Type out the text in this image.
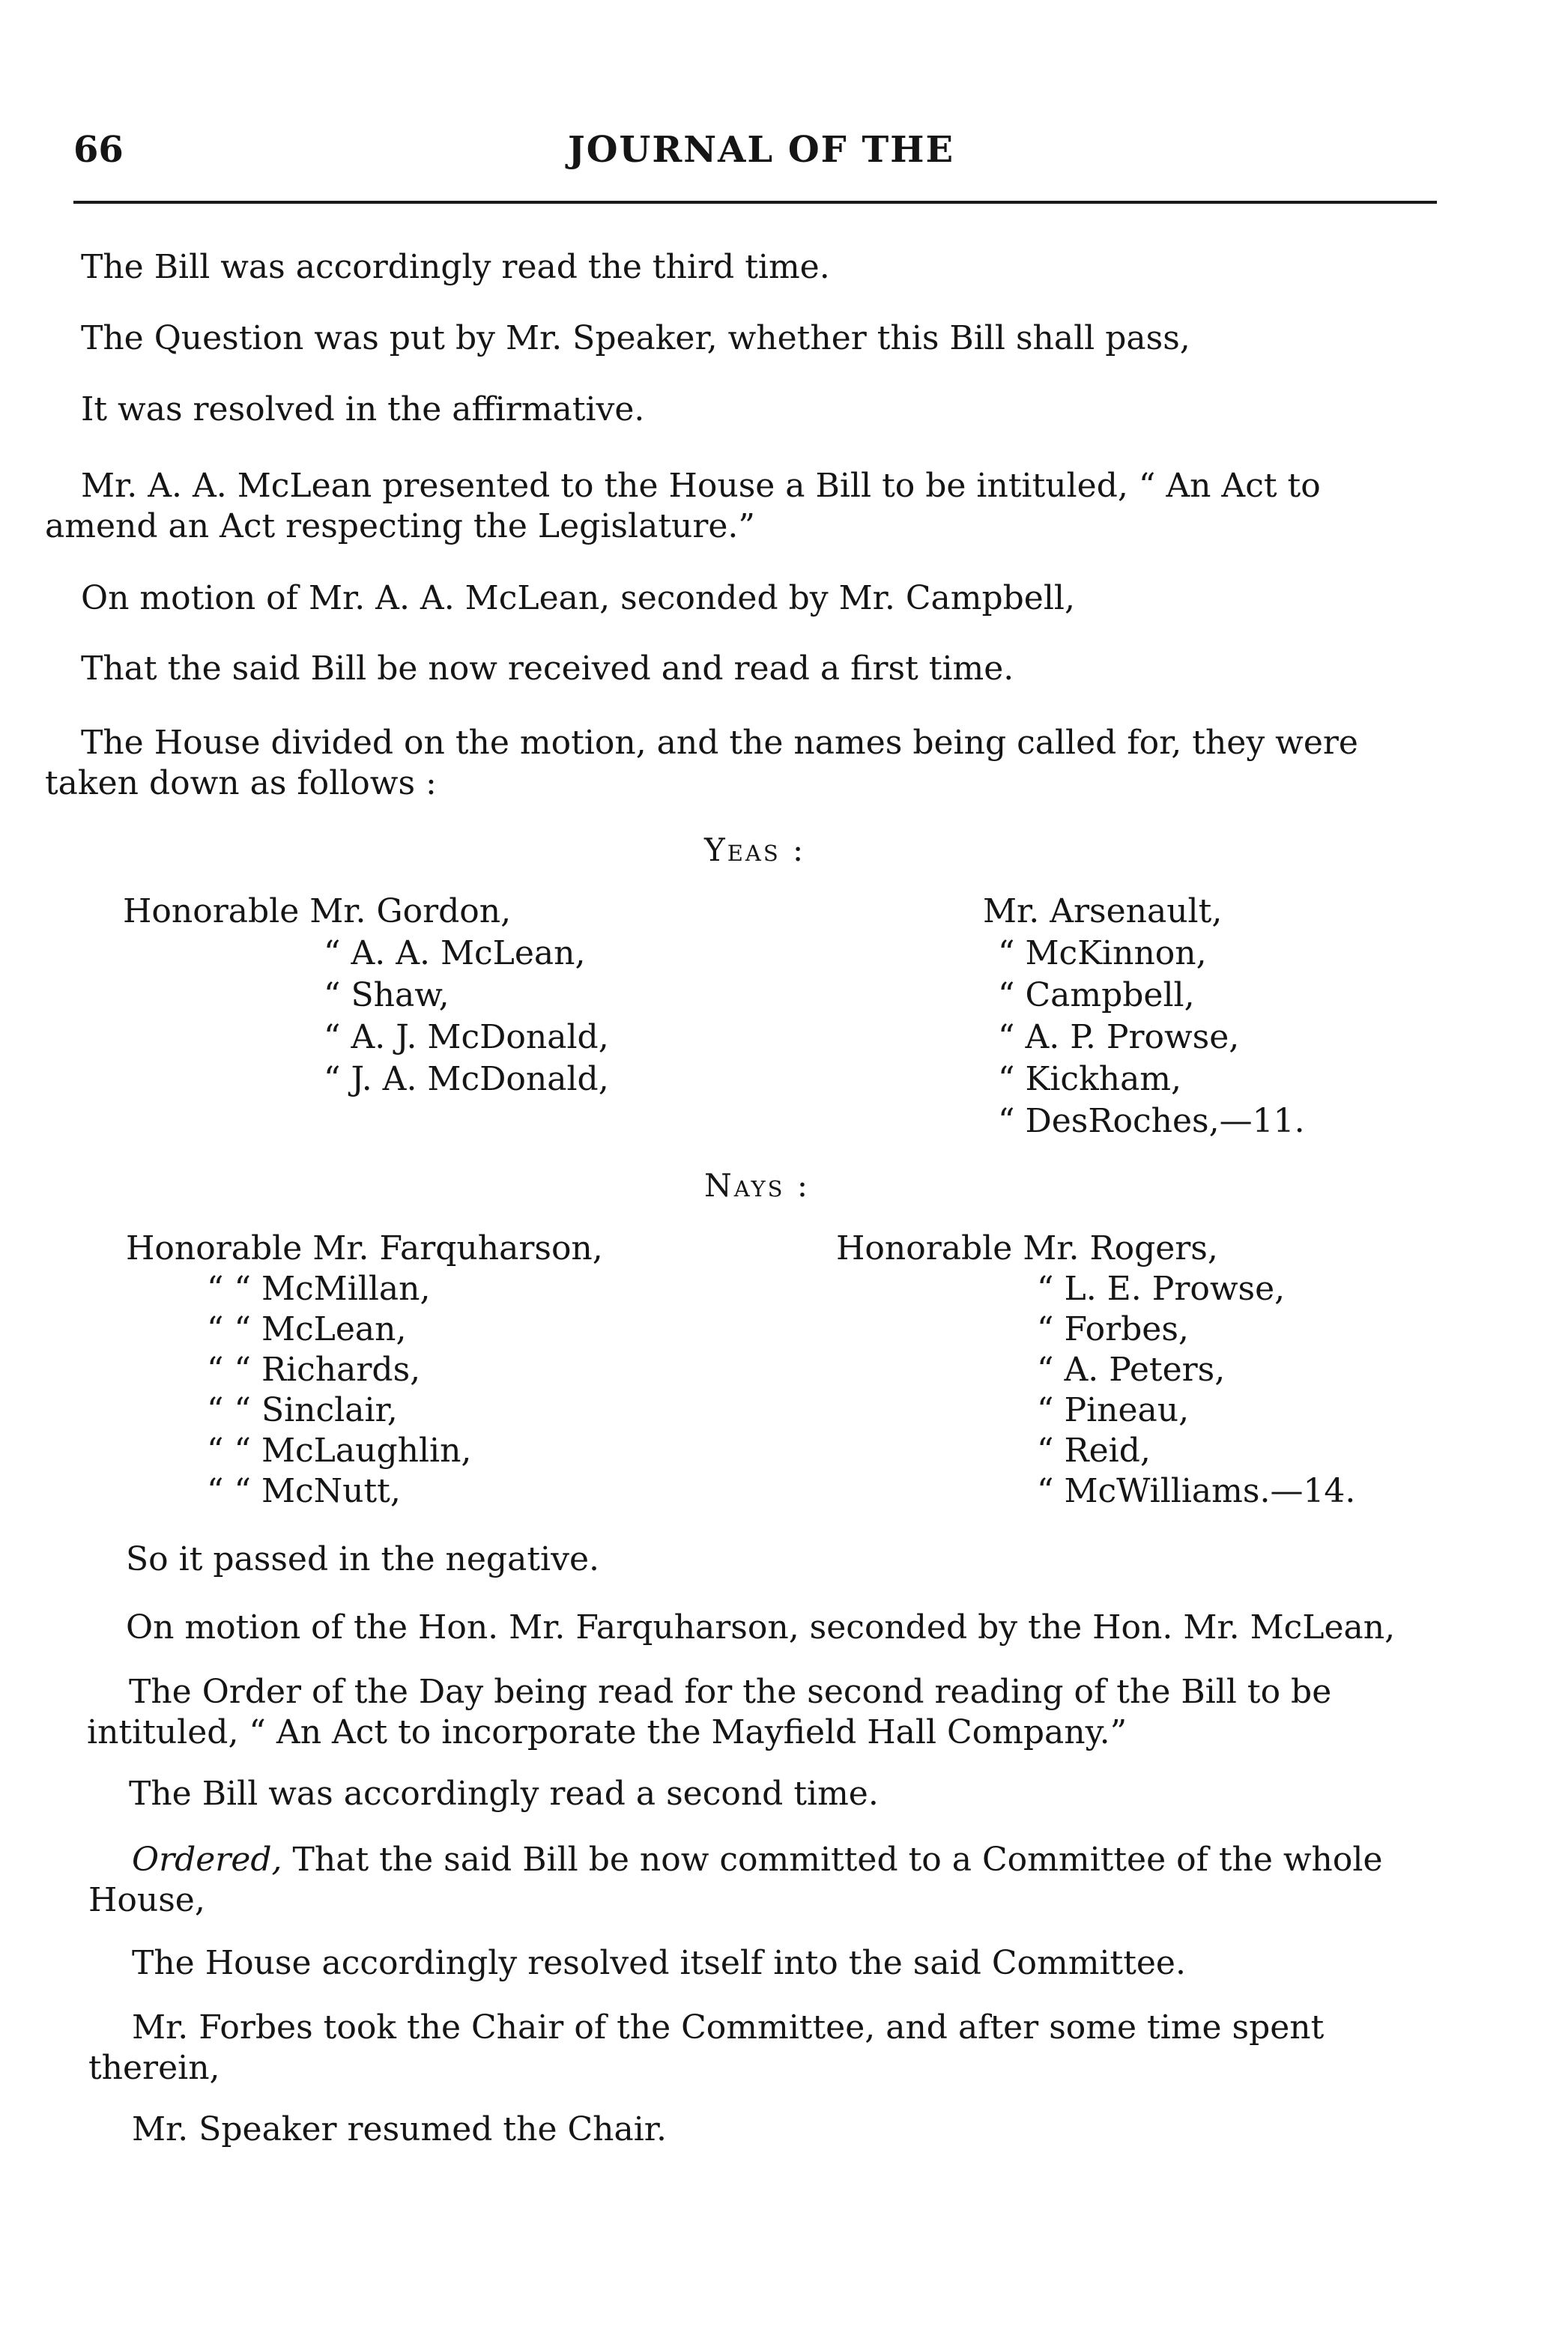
66	JOURNAL OF THE
The Bill was accordingly read the third time.
The Question was put by Mr. Speaker, whether this Bill shall pass,
It was resolved in the affirmative.
Mr. A. A. McLean presented to the House a Bill to be intituled, “ An Act to
amend an Act respecting the Legislature.”
On motion of Mr. A. A. McLean, seconded by Mr. Campbell,
That the said Bill be now received and read a first time.
The House divided on the motion, and the names being called for, they were
taken down as follows :
Yeas :
Honorable Mr. Gordon,
“ A. A. McLean,
“ Shaw,
“ A. J. McDonald,
“ J. A. McDonald,
Mr. Arsenault,
“ McKinnon,
“ Campbell,
“ A. P. Prowse,
“ Kickham,
“ DesRoches,—11.
Nays :
Honorable Mr. Farquharson,
“ “ McMillan,
“ “ McLean,
“ “ Richards,
“ “ Sinclair,
“ “ McLaughlin,
“ “ McNutt,
Honorable Mr. Rogers,
“ L. E. Prowse,
“ Forbes,
“ A. Peters,
“ Pineau,
“ Reid,
“ McWilliams.—14.
So it passed in the negative.
On motion of the Hon. Mr. Farquharson, seconded by the Hon. Mr. McLean,
The Order of the Day being read for the second reading of the Bill to be
intituled, “ An Act to incorporate the Mayfield Hall Company.”
The Bill was accordingly read a second time.
Ordered, That the said Bill be now committed to a Committee of the whole
House,
The House accordingly resolved itself into the said Committee.
Mr. Forbes took the Chair of the Committee, and after some time spent
therein,
Mr. Speaker resumed the Chair.
